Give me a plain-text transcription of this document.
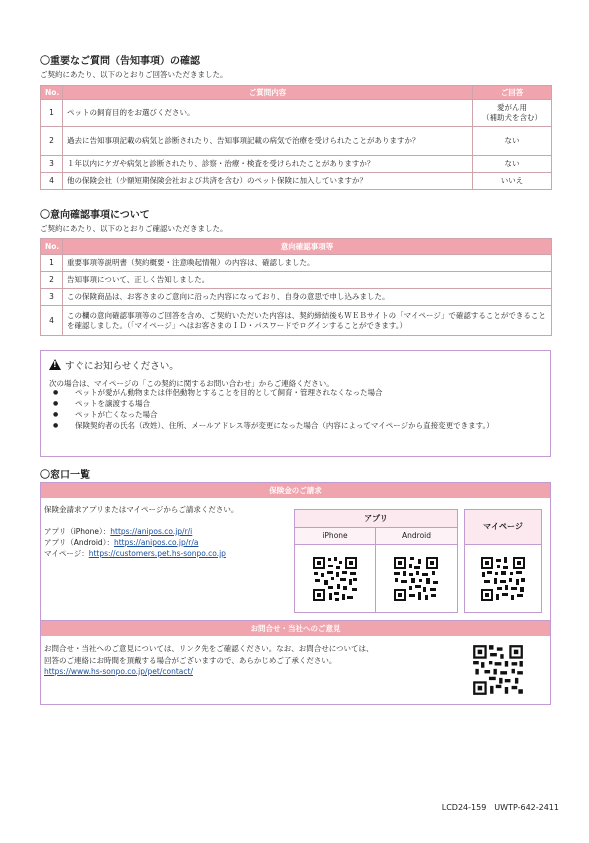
〇重要なご質問（告知事項）の確認
ご契約にあたり、以下のとおりご回答いただきました。
No.	ご質問内容	ご回答
1	ペットの飼育目的をお選びください。	愛がん用
（補助犬を含む）
2	過去に告知事項記載の病気と診断されたり、告知事項記載の病気で治療を受けられたことがありますか？	ない
3	１年以内にケガや病気と診断されたり、診察・治療・検査を受けられたことがありますか？	ない
4	他の保険会社（少額短期保険会社および共済を含む）のペット保険に加入していますか？	いいえ
〇意向確認事項について
ご契約にあたり、以下のとおりご確認いただきました。
No.	意向確認事項等
1	重要事項等説明書（契約概要・注意喚起情報）の内容は、確認しました。
2	告知事項について、正しく告知しました。
3	この保険商品は、お客さまのご意向に沿った内容になっており、自身の意思で申し込みました。
4	この欄の意向確認事項等のご回答を含め、ご契約いただいた内容は、契約締結後もＷＥＢサイトの「マイページ」で確認することができることを確認しました。（「マイページ」へはお客さまのＩＤ・パスワードでログインすることができます。）
! すぐにお知らせください。
次の場合は、マイページの「この契約に関するお問い合わせ」からご連絡ください。
● ペットが愛がん動物または伴侶動物とすることを目的として飼育・管理されなくなった場合
● ペットを譲渡する場合
● ペットが亡くなった場合
● 保険契約者の氏名（改姓）、住所、メールアドレス等が変更になった場合（内容によってマイページから直接変更できます。）
〇窓口一覧
保険金のご請求
保険金請求アプリまたはマイページからご請求ください。
アプリ（iPhone）：https://anipos.co.jp/r/i
アプリ（Android）：https://anipos.co.jp/r/a
マイページ：https://customers.pet.hs-sonpo.co.jp
アプリ
iPhone	Android
マイページ
お問合せ・当社へのご意見
お問合せ・当社へのご意見については、リンク先をご確認ください。なお、お問合せについては、
回答のご連絡にお時間を頂戴する場合がございますので、あらかじめご了承ください。
https://www.hs-sonpo.co.jp/pet/contact/
LCD24-159　UWTP-642-2411
